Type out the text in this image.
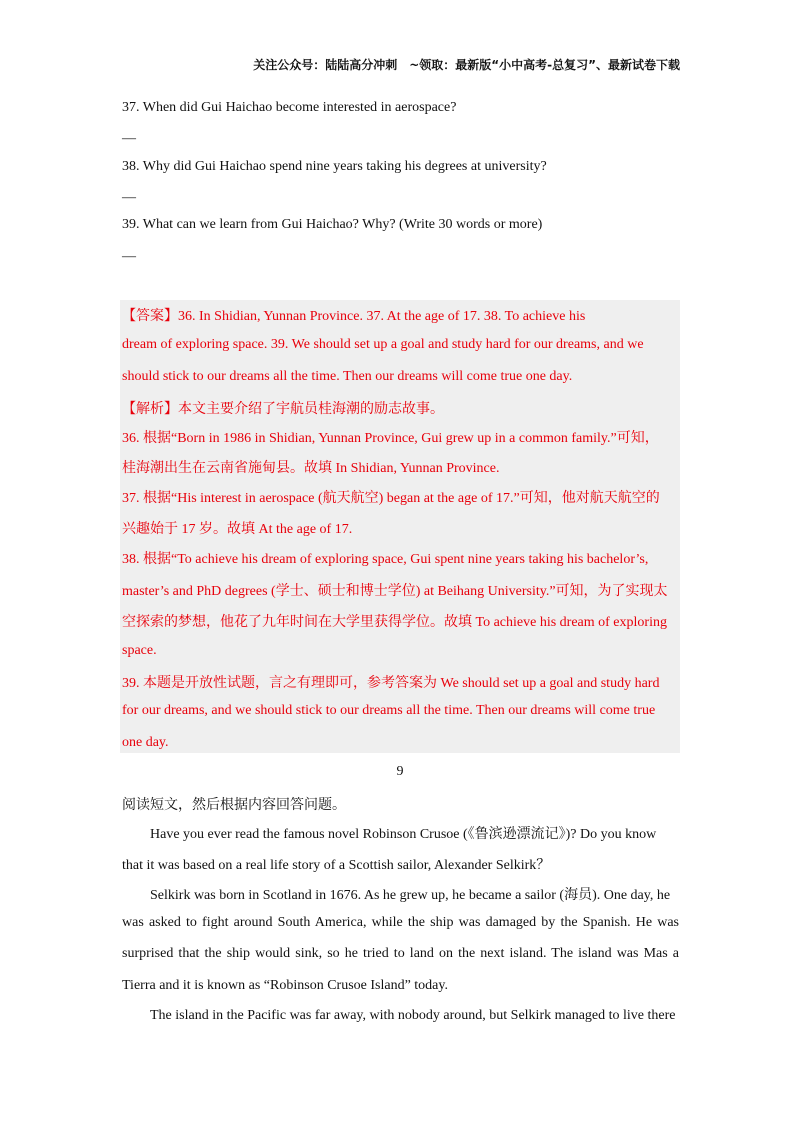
关注公众号：陆陆高分冲刺　~领取：最新版“小中高考-总复习”、最新试卷下载
37. When did Gui Haichao become interested in aerospace?
—
38. Why did Gui Haichao spend nine years taking his degrees at university?
—
39. What can we learn from Gui Haichao? Why? (Write 30 words or more)
—
【答案】36. In Shidian, Yunnan Province. 37. At the age of 17. 38. To achieve his
dream of exploring space. 39. We should set up a goal and study hard for our dreams, and we
should stick to our dreams all the time. Then our dreams will come true one day.
【解析】本文主要介绍了宇航员桂海潮的励志故事。
36. 根据“Born in 1986 in Shidian, Yunnan Province, Gui grew up in a common family.”可知，
桂海潮出生在云南省施甸县。故填 In Shidian, Yunnan Province.
37. 根据“His interest in aerospace (航天航空) began at the age of 17.”可知，他对航天航空的
兴趣始于 17 岁。故填 At the age of 17.
38. 根据“To achieve his dream of exploring space, Gui spent nine years taking his bachelor’s,
master’s and PhD degrees (学士、硕士和博士学位) at Beihang University.”可知，为了实现太
空探索的梦想，他花了九年时间在大学里获得学位。故填 To achieve his dream of exploring
space.
39. 本题是开放性试题，言之有理即可，参考答案为 We should set up a goal and study hard
for our dreams, and we should stick to our dreams all the time. Then our dreams will come true
one day.
9
阅读短文，然后根据内容回答问题。
Have you ever read the famous novel Robinson Crusoe (《鲁滨逊漂流记》)? Do you know
that it was based on a real life story of a Scottish sailor, Alexander Selkirk？
Selkirk was born in Scotland in 1676. As he grew up, he became a sailor (海员). One day, he
was asked to fight around South America, while the ship was damaged by the Spanish. He was
surprised that the ship would sink, so he tried to land on the next island. The island was Mas a
Tierra and it is known as “Robinson Crusoe Island” today.
The island in the Pacific was far away, with nobody around, but Selkirk managed to live there
